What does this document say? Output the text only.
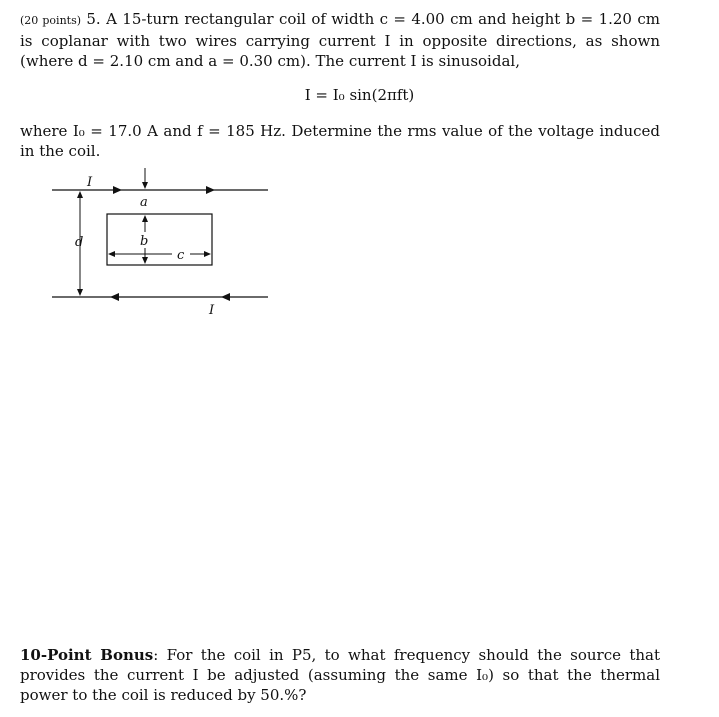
(20 points) 5. A 15-turn rectangular coil of width c = 4.00 cm and height b = 1.20 cm is coplanar with two wires carrying current I in opposite directions, as shown (where d = 2.10 cm and a = 0.30 cm). The current I is sinusoidal,

I = I₀ sin(2πft)

where I₀ = 17.0 A and f = 185 Hz. Determine the rms value of the voltage induced in the coil.

I
I
a
b
c
d

10-Point Bonus: For the coil in P5, to what frequency should the source that provides the current I be adjusted (assuming the same I₀) so that the thermal power to the coil is reduced by 50.%?
